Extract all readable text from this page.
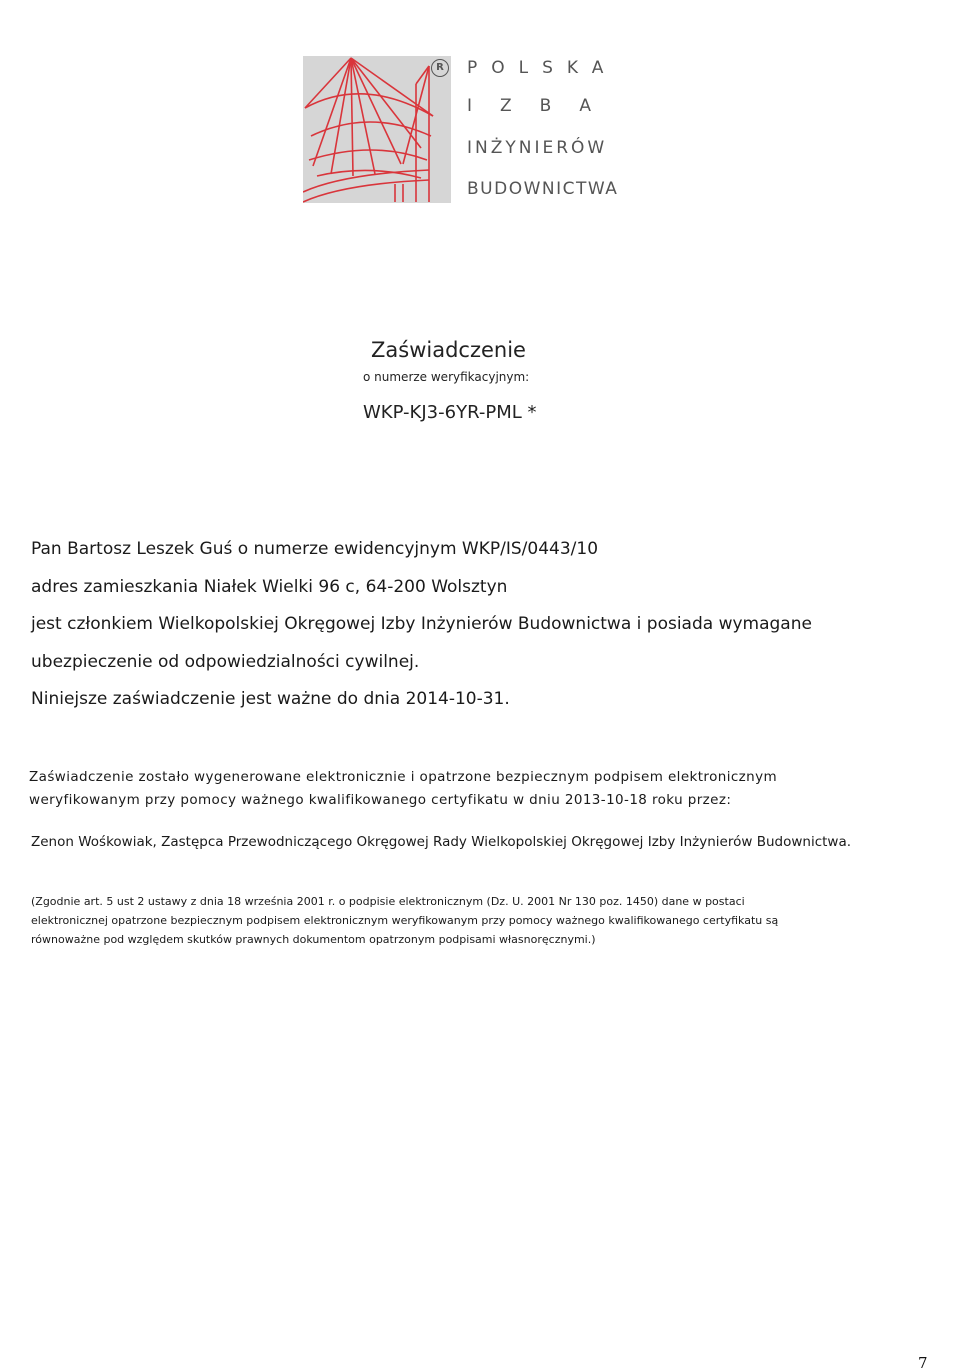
R	POLSKA
IZBA
INŻYNIERÓW
BUDOWNICTWA
Zaświadczenie
o numerze weryfikacyjnym:
WKP-KJ3-6YR-PML *
Pan Bartosz Leszek Guś o numerze ewidencyjnym WKP/IS/0443/10
adres zamieszkania Niałek Wielki 96 c, 64-200 Wolsztyn
jest członkiem Wielkopolskiej Okręgowej Izby Inżynierów Budownictwa i posiada wymagane
ubezpieczenie od odpowiedzialności cywilnej.
Niniejsze zaświadczenie jest ważne do dnia 2014-10-31.
Zaświadczenie zostało wygenerowane elektronicznie i opatrzone bezpiecznym podpisem elektronicznym
weryfikowanym przy pomocy ważnego kwalifikowanego certyfikatu w dniu 2013-10-18 roku przez:
Zenon Wośkowiak, Zastępca Przewodniczącego Okręgowej Rady Wielkopolskiej Okręgowej Izby Inżynierów Budownictwa.
(Zgodnie art. 5 ust 2 ustawy z dnia 18 września 2001 r. o podpisie elektronicznym (Dz. U. 2001 Nr 130 poz. 1450) dane w postaci
elektronicznej opatrzone bezpiecznym podpisem elektronicznym weryfikowanym przy pomocy ważnego kwalifikowanego certyfikatu są
równoważne pod względem skutków prawnych dokumentom opatrzonym podpisami własnoręcznymi.)
7
